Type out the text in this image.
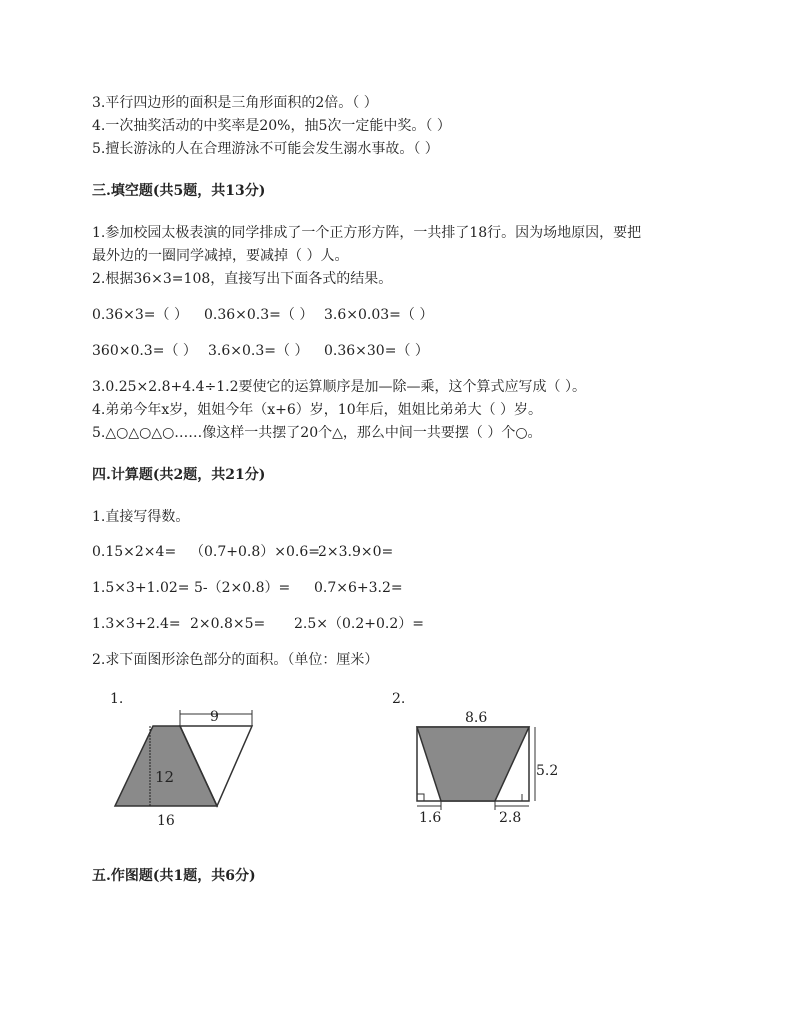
3.平行四边形的面积是三角形面积的2倍。（ ）
4.一次抽奖活动的中奖率是20%，抽5次一定能中奖。（ ）
5.擅长游泳的人在合理游泳不可能会发生溺水事故。（ ）
三.填空题(共5题，共13分)
1.参加校园太极表演的同学排成了一个正方形方阵，一共排了18行。因为场地原因，要把
最外边的一圈同学减掉，要减掉（ ）人。
2.根据36×3=108，直接写出下面各式的结果。
0.36×3=（ ） 0.36×0.3=（ ） 3.6×0.03=（ ）
360×0.3=（ ） 3.6×0.3=（ ） 0.36×30=（ ）
3.0.25×2.8+4.4÷1.2要使它的运算顺序是加—除—乘，这个算式应写成（ ）。
4.弟弟今年x岁，姐姐今年（x+6）岁，10年后，姐姐比弟弟大（ ）岁。
5.△○△○△○……像这样一共摆了20个△，那么中间一共要摆（ ）个○。
四.计算题(共2题，共21分)
1.直接写得数。
0.15×2×4= （0.7+0.8）×0.6=
2×3.9×0=
1.5×3+1.02= 5-（2×0.8）= 0.7×6+3.2=
1.3×3+2.4= 2×0.8×5= 2.5×（0.2+0.2）=
2.求下面图形涂色部分的面积。（单位：厘米）
1.
9
12
16
2.
8.6
5.2
1.6	2.8
五.作图题(共1题，共6分)
